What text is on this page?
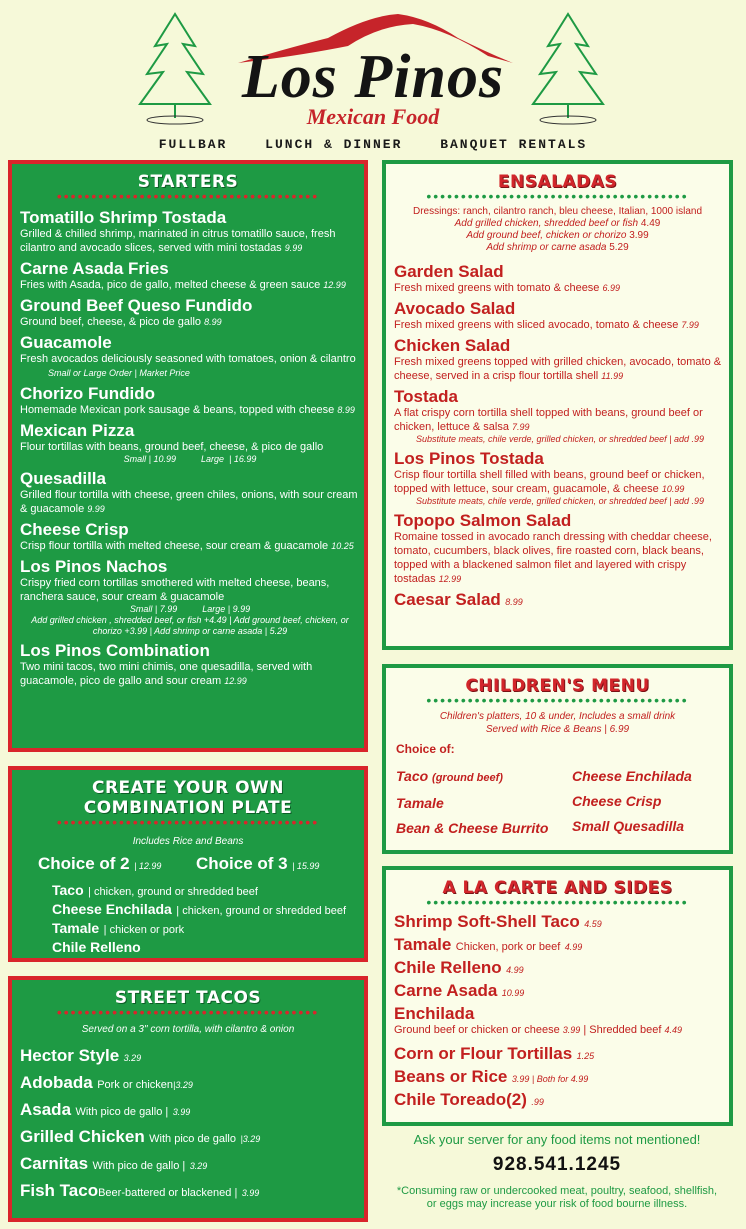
Los Pinos
Mexican Food
FULLBAR	LUNCH & DINNER	BANQUET RENTALS
STARTERS
••••••••••••••••••••••••••••••••••••••
Tomatillo Shrimp Tostada
Grilled & chilled shrimp, marinated in citrus tomatillo sauce, fresh cilantro and avocado slices, served with mini tostadas 9.99
Carne Asada Fries
Fries with Asada, pico de gallo, melted cheese & green sauce 12.99
Ground Beef Queso Fundido
Ground beef, cheese, & pico de gallo 8.99
Guacamole
Fresh avocados deliciously seasoned with tomatoes, onion & cilantro Small or Large Order | Market Price
Chorizo Fundido
Homemade Mexican pork sausage & beans, topped with cheese 8.99
Mexican Pizza
Flour tortillas with beans, ground beef, cheese, & pico de gallo
Small | 10.99          Large  | 16.99
Quesadilla
Grilled flour tortilla with cheese, green chiles, onions, with sour cream & guacamole 9.99
Cheese Crisp
Crisp flour tortilla with melted cheese, sour cream & guacamole 10.25
Los Pinos Nachos
Crispy fried corn tortillas smothered with melted cheese, beans, ranchera sauce, sour cream & guacamole
Small | 7.99          Large | 9.99
Add grilled chicken , shredded beef, or fish +4.49 | Add ground beef, chicken, or chorizo +3.99 | Add shrimp or carne asada | 5.29
Los Pinos Combination
Two mini tacos, two mini chimis, one quesadilla, served with guacamole, pico de gallo and sour cream 12.99
CREATE YOUR OWN
COMBINATION PLATE
••••••••••••••••••••••••••••••••••••••
Includes Rice and Beans
Choice of 2 | 12.99 Choice of 3 | 15.99
Taco | chicken, ground or shredded beef
Cheese Enchilada | chicken, ground or shredded beef
Tamale | chicken or pork
Chile Relleno
STREET TACOS
••••••••••••••••••••••••••••••••••••••
Served on a 3" corn tortilla, with cilantro & onion
Hector Style 3.29
Adobada Pork or chicken|3.29
Asada With pico de gallo | 3.99
Grilled Chicken With pico de gallo |3.29
Carnitas With pico de gallo | 3.29
Fish TacoBeer-battered or blackened | 3.99
ENSALADAS
••••••••••••••••••••••••••••••••••••••
Dressings: ranch, cilantro ranch, bleu cheese, Italian, 1000 island
Add grilled chicken, shredded beef or fish 4.49
Add ground beef, chicken or chorizo 3.99
Add shrimp or carne asada 5.29
Garden Salad
Fresh mixed greens with tomato & cheese 6.99
Avocado Salad
Fresh mixed greens with sliced avocado, tomato & cheese 7.99
Chicken Salad
Fresh mixed greens topped with grilled chicken, avocado, tomato & cheese, served in a crisp flour tortilla shell 11.99
Tostada
A flat crispy corn tortilla shell topped with beans, ground beef or chicken, lettuce & salsa 7.99
Substitute meats, chile verde, grilled chicken, or shredded beef | add .99
Los Pinos Tostada
Crisp flour tortilla shell filled with beans, ground beef or chicken, topped with lettuce, sour cream, guacamole, & cheese 10.99
Substitute meats, chile verde, grilled chicken, or shredded beef | add .99
Topopo Salmon Salad
Romaine tossed in avocado ranch dressing with cheddar cheese, tomato, cucumbers, black olives, fire roasted corn, black beans, topped with a blackened salmon filet and layered with crispy tostadas 12.99
Caesar Salad 8.99
CHILDREN'S MENU
••••••••••••••••••••••••••••••••••••••
Children's platters, 10 & under, Includes a small drink
Served with Rice & Beans | 6.99
Choice of:
Taco (ground beef)
Tamale
Bean & Cheese Burrito
Cheese Enchilada
Cheese Crisp
Small Quesadilla
A LA CARTE AND SIDES
••••••••••••••••••••••••••••••••••••••
Shrimp Soft-Shell Taco 4.59
Tamale Chicken, pork or beef 4.99
Chile Relleno 4.99
Carne Asada 10.99
Enchilada
Ground beef or chicken or cheese 3.99 | Shredded beef 4.49
Corn or Flour Tortillas 1.25
Beans or Rice 3.99 | Both for 4.99
Chile Toreado(2) .99
Ask your server for any food items not mentioned!
928.541.1245
*Consuming raw or undercooked meat, poultry, seafood, shellfish,
or eggs may increase your risk of food bourne illness.
